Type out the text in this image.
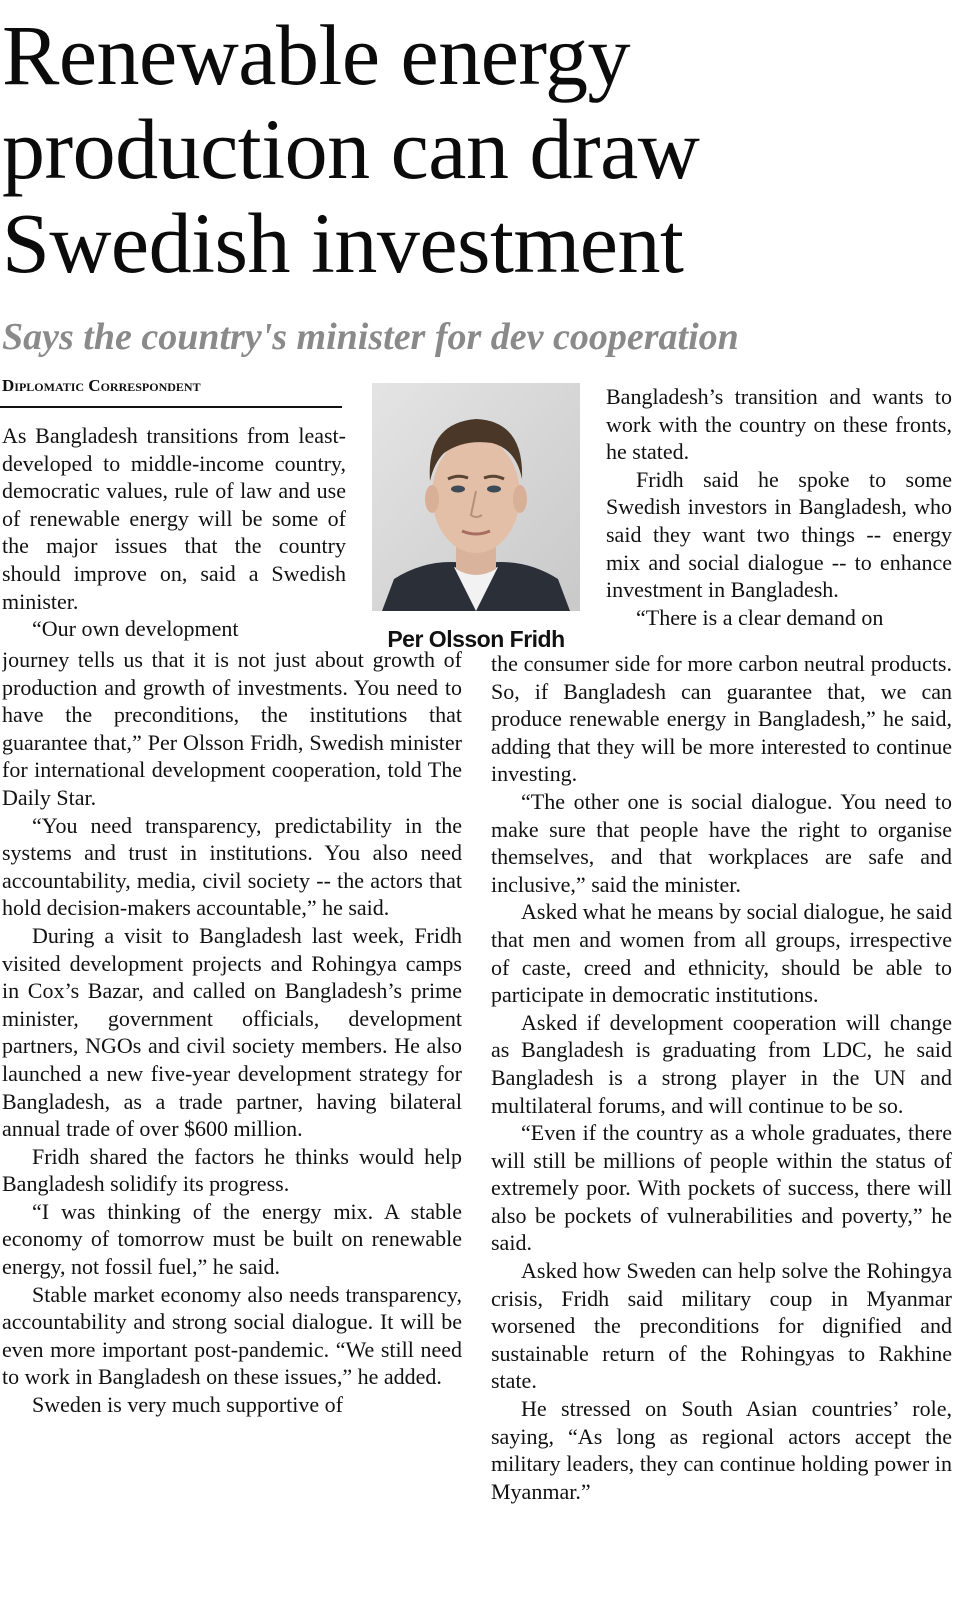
Renewable energy
production can draw
Swedish investment
Says the country's minister for dev cooperation
Diplomatic Correspondent
Per Olsson Fridh

As Bangladesh transitions from least-developed to middle-income country, democratic values, rule of law and use of renewable energy will be some of the major issues that the country should improve on, said a Swedish minister.

“Our own development

journey tells us that it is not just about growth of production and growth of investments. You need to have the preconditions, the institutions that guarantee that,” Per Olsson Fridh, Swedish minister for international development cooperation, told The Daily Star.

“You need transparency, predictability in the systems and trust in institutions. You also need accountability, media, civil society -- the actors that hold decision-makers accountable,” he said.

During a visit to Bangladesh last week, Fridh visited development projects and Rohingya camps in Cox’s Bazar, and called on Bangladesh’s prime minister, government officials, development partners, NGOs and civil society members. He also launched a new five-year development strategy for Bangladesh, as a trade partner, having bilateral annual trade of over $600 million.

Fridh shared the factors he thinks would help Bangladesh solidify its progress.

“I was thinking of the energy mix. A stable economy of tomorrow must be built on renewable energy, not fossil fuel,” he said.

Stable market economy also needs transparency, accountability and strong social dialogue. It will be even more important post-pandemic. “We still need to work in Bangladesh on these issues,” he added.

Sweden is very much supportive of

Bangladesh’s transition and wants to work with the country on these fronts, he stated.

Fridh said he spoke to some Swedish investors in Bangladesh, who said they want two things -- energy mix and social dialogue -- to enhance investment in Bangladesh.

“There is a clear demand on

the consumer side for more carbon neutral products. So, if Bangladesh can guarantee that, we can produce renewable energy in Bangladesh,” he said, adding that they will be more interested to continue investing.

“The other one is social dialogue. You need to make sure that people have the right to organise themselves, and that workplaces are safe and inclusive,” said the minister.

Asked what he means by social dialogue, he said that men and women from all groups, irrespective of caste, creed and ethnicity, should be able to participate in democratic institutions.

Asked if development cooperation will change as Bangladesh is graduating from LDC, he said Bangladesh is a strong player in the UN and multilateral forums, and will continue to be so.

“Even if the country as a whole graduates, there will still be millions of people within the status of extremely poor. With pockets of success, there will also be pockets of vulnerabilities and poverty,” he said.

Asked how Sweden can help solve the Rohingya crisis, Fridh said military coup in Myanmar worsened the preconditions for dignified and sustainable return of the Rohingyas to Rakhine state.

He stressed on South Asian countries’ role, saying, “As long as regional actors accept the military leaders, they can continue holding power in Myanmar.”
